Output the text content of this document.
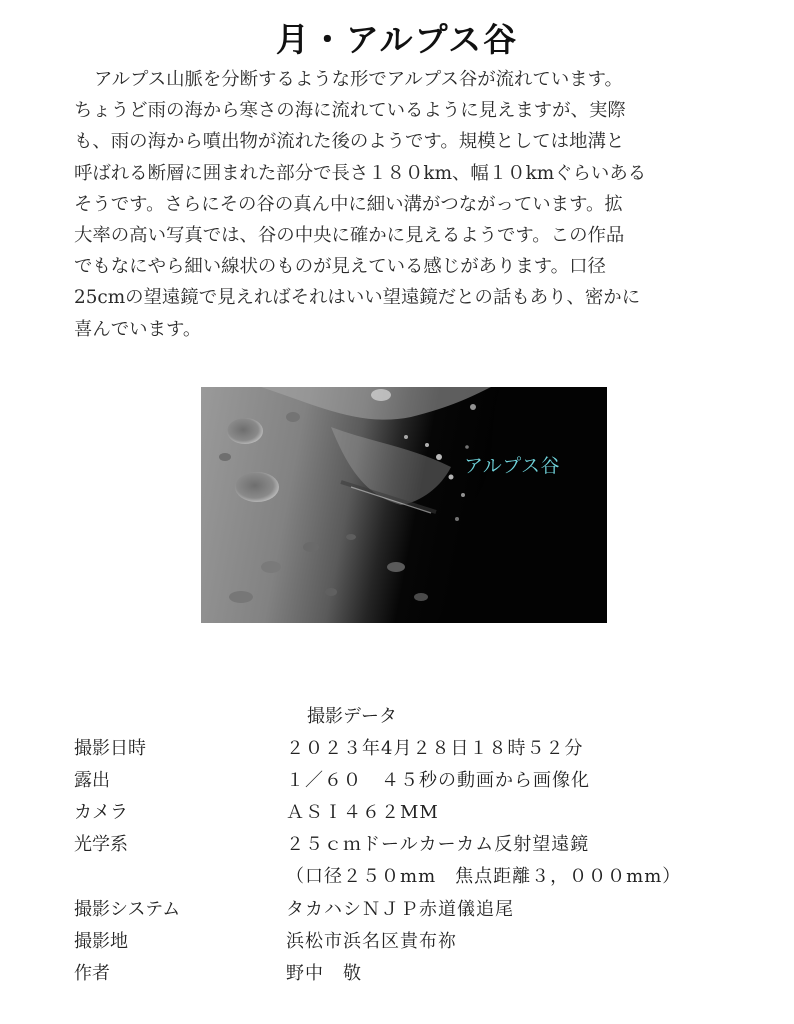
月・アルプス谷
アルプス山脈を分断するような形でアルプス谷が流れています。
ちょうど雨の海から寒さの海に流れているように見えますが、実際
も、雨の海から噴出物が流れた後のようです。規模としては地溝と
呼ばれる断層に囲まれた部分で長さ１８０km、幅１０kmぐらいある
そうです。さらにその谷の真ん中に細い溝がつながっています。拡
大率の高い写真では、谷の中央に確かに見えるようです。この作品
でもなにやら細い線状のものが見えている感じがあります。口径
25cmの望遠鏡で見えればそれはいい望遠鏡だとの話もあり、密かに
喜んでいます。
アルプス谷
撮影データ
撮影日時	２０２３年4月２８日１８時５２分
露出	１／６０　４５秒の動画から画像化
カメラ	ＡＳＩ４６２MM
光学系	２５ｃｍドールカーカム反射望遠鏡
（口径２５０mm　焦点距離３，０００mm）
撮影システム	タカハシＮＪＰ赤道儀追尾
撮影地	浜松市浜名区貴布祢
作者	野中　敬
